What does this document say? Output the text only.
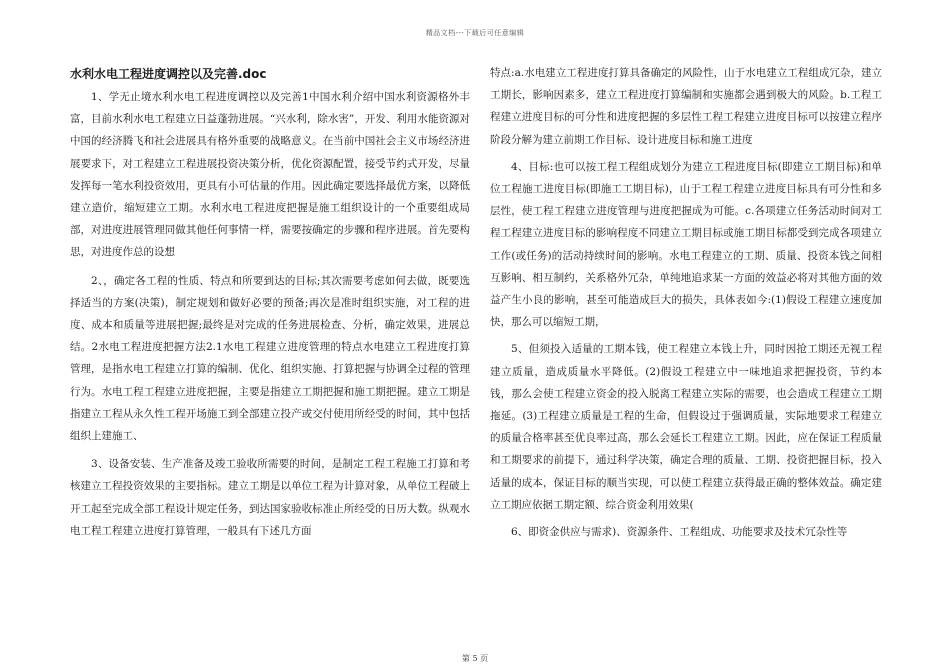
精品文档---下载后可任意编辑

水利水电工程进度调控以及完善.doc

1、学无止境水利水电工程进度调控以及完善1中国水利介绍中国水利资源格外丰富，目前水利水电工程建立日益蓬勃进展。“兴水利，除水害”，开发、利用水能资源对中国的经济腾飞和社会进展具有格外重要的战略意义。在当前中国社会主义市场经济进展要求下，对工程建立工程进展投资决策分析，优化资源配置，接受节约式开发，尽量发挥每一笔水利投资效用，更具有小可估量的作用。因此确定要选择最优方案，以降低建立造价，缩短建立工期。水利水电工程进度把握是施工组织设计的一个重要组成局部，对进度进展管理同做其他任何事情一样，需要按确定的步骤和程序进展。首先要构思，对进度作总的设想

2、，确定各工程的性质、特点和所要到达的目标;其次需要考虑如何去做，既要选择适当的方案(决策)，制定规划和做好必要的预备;再次是准时组织实施，对工程的进度、成本和质量等进展把握;最终是对完成的任务进展检查、分析，确定效果，进展总结。2水电工程进度把握方法2.1水电工程建立进度管理的特点水电建立工程进度打算管理，是指水电工程建立打算的编制、优化、组织实施、打算把握与协调全过程的管理行为。水电工程工程建立进度把握，主要是指建立工期把握和施工期把握。建立工期是指建立工程从永久性工程开场施工到全部建立投产或交付使用所经受的时间，其中包括组织上建施工、

3、设备安装、生产准备及竣工验收所需要的时间，是制定工程工程施工打算和考核建立工程投资效果的主要指标。建立工期是以单位工程为计算对象，从单位工程破上开工起至完成全部工程设计规定任务，到达国家验收标准止所经受的日历大数。纵观水电工程工程建立进度打算管理，一般具有下述几方面

特点:a.水电建立工程进度打算具备确定的风险性，山于水电建立工程组成冗杂，建立工期长，影响因素多，建立工程进度打算编制和实施都会遇到极大的风险。b.工程工程建立进度目标的可分性和进度把握的多层性工程工程建立进度目标可以按建立程序阶段分解为建立前期工作目标、设计进度目标和施工进度

4、目标:也可以按工程工程组成划分为建立工程进度目标(即建立工期目标)和单位工程施工进度目标(即施工工期目标)，山于工程工程建立进度目标具有可分性和多层性，使工程工程建立进度管理与进度把握成为可能。c.各项建立任务活动时间对工程工程建立进度目标的影响程度不同建立工期目标或施工期目标都受到完成各项建立工作(或任务)的活动持续时间的影响。水电工程建立的工期、质量、投资本钱之间相互影响、相互制约，关系格外冗杂，单纯地追求某一方面的效益必将对其他方面的效益产生小良的影响，甚至可能造成巨大的损失，具体表如今:(1)假设工程建立速度加快，那么可以缩短工期，

5、但须投入适量的工期本钱，使工程建立本钱上升，同时因抢工期还无视工程建立质量，造成质量水平降低。(2)假设工程建立中一味地追求把握投资，节约本钱，那么会使工程建立资金的投入脱离工程建立实际的需要，也会造成工程建立工期拖延。(3)工程建立质量是工程的生命，但假设过于强调质量，实际地要求工程建立的质量合格率甚至优良率过高，那么会延长工程建立工期。因此，应在保证工程质量和工期要求的前提下，通过科学决策，确定合理的质量、工期、投资把握目标，投入适量的成本，保证目标的顺当实现，可以使工程建立获得最正确的整体效益。确定建立工期应依据工期定额、综合资金利用效果(

6、即资金供应与需求)、资源条件、工程组成、功能要求及技术冗杂性等

第 5 页
